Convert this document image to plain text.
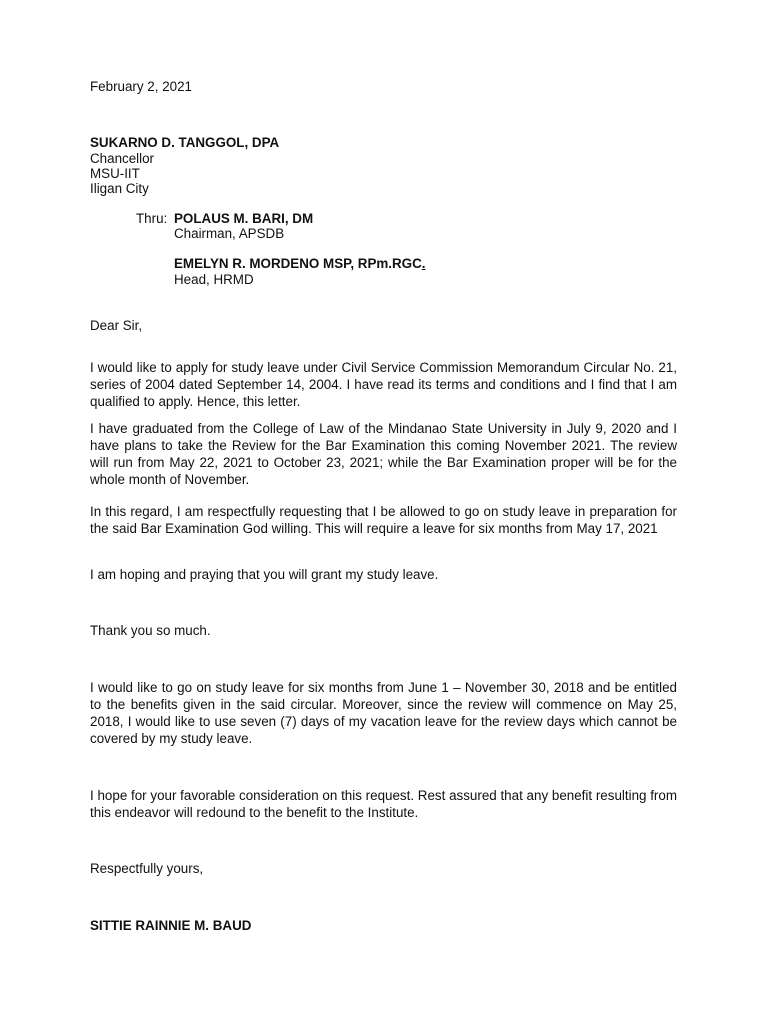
February 2, 2021
SUKARNO D. TANGGOL, DPA
Chancellor
MSU-IIT
Iligan City
Thru: POLAUS M. BARI, DM
Chairman, APSDB
EMELYN R. MORDENO MSP, RPm.RGC.
Head, HRMD
Dear Sir,
I would like to apply for study leave under Civil Service Commission Memorandum Circular No. 21, series of 2004 dated September 14, 2004. I have read its terms and conditions and I find that I am qualified to apply. Hence, this letter.
I have graduated from the College of Law of the Mindanao State University in July 9, 2020 and I have plans to take the Review for the Bar Examination this coming November 2021. The review will run from May 22, 2021 to October 23, 2021; while the Bar Examination proper will be for the whole month of November.
In this regard, I am respectfully requesting that I be allowed to go on study leave in preparation for the said Bar Examination God willing. This will require a leave for six months from May 17, 2021
I am hoping and praying that you will grant my study leave.
Thank you so much.
I would like to go on study leave for six months from June 1 – November 30, 2018 and be entitled to the benefits given in the said circular. Moreover, since the review will commence on May 25, 2018, I would like to use seven (7) days of my vacation leave for the review days which cannot be covered by my study leave.
I hope for your favorable consideration on this request. Rest assured that any benefit resulting from this endeavor will redound to the benefit to the Institute.
Respectfully yours,
SITTIE RAINNIE M. BAUD
